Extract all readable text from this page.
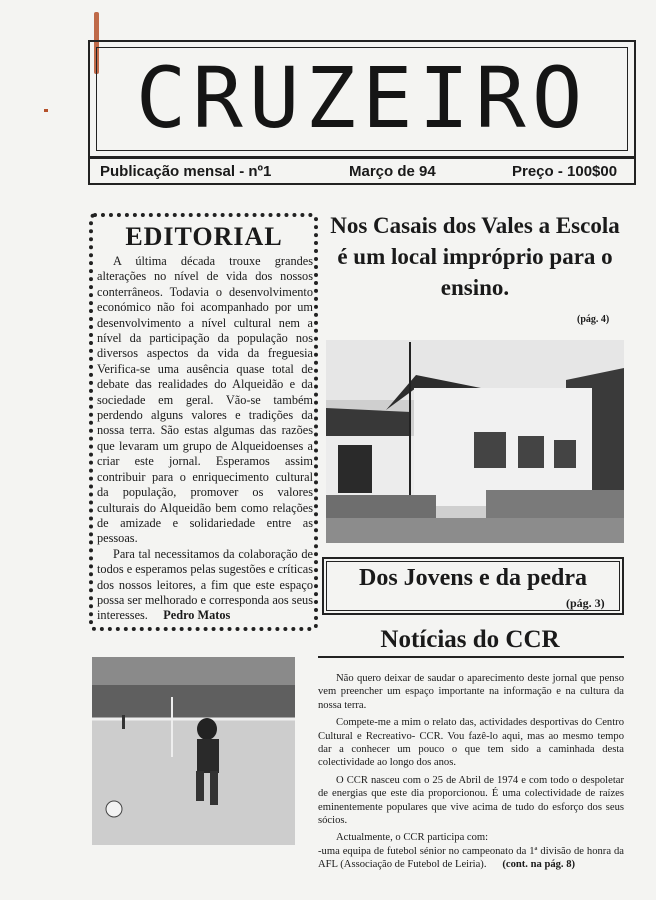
CRUZEIRO
Publicação mensal - nº1	Março de 94	Preço - 100$00
EDITORIAL

A última década trouxe grandes alterações no nível de vida dos nossos conterrâneos. Todavia o desenvolvimento económico não foi acompanhado por um desenvolvimento a nível cultural nem a nível da participação da população nos diversos aspectos da vida da freguesia Verifica-se uma ausência quase total de debate das realidades do Alqueidão e da sociedade em geral. Vão-se também perdendo alguns valores e tradições da nossa terra. São estas algumas das razões que levaram um grupo de Alqueidoenses a criar este jornal. Esperamos assim contribuir para o enriquecimento cultural da população, promover os valores culturais do Alqueidão bem como relações de amizade e solidariedade entre as pessoas.

Para tal necessitamos da colaboração de todos e esperamos pelas sugestões e críticas dos nossos leitores, a fim que este espaço possa ser melhorado e corresponda aos seus interesses. Pedro Matos

Nos Casais dos Vales a Escola é um local impróprio para o ensino.
(pág. 4)
Dos Jovens e da pedra
(pág. 3)
Notícias do CCR

Não quero deixar de saudar o aparecimento deste jornal que penso vem preencher um espaço importante na informação e na cultura da nossa terra.

Compete-me a mim o relato das, actividades desportivas do Centro Cultural e Recreativo- CCR. Vou fazê-lo aqui, mas ao mesmo tempo dar a conhecer um pouco o que tem sido a caminhada desta colectividade ao longo dos anos.

O CCR nasceu com o 25 de Abril de 1974 e com todo o despoletar de energias que este dia proporcionou. É uma colectividade de raízes eminentemente populares que vive acima de tudo do esforço dos seus sócios.

Actualmente, o CCR participa com:

-uma equipa de futebol sénior no campeonato da 1ª divisão de honra da AFL (Associação de Futebol de Leiria). (cont. na pág. 8)
